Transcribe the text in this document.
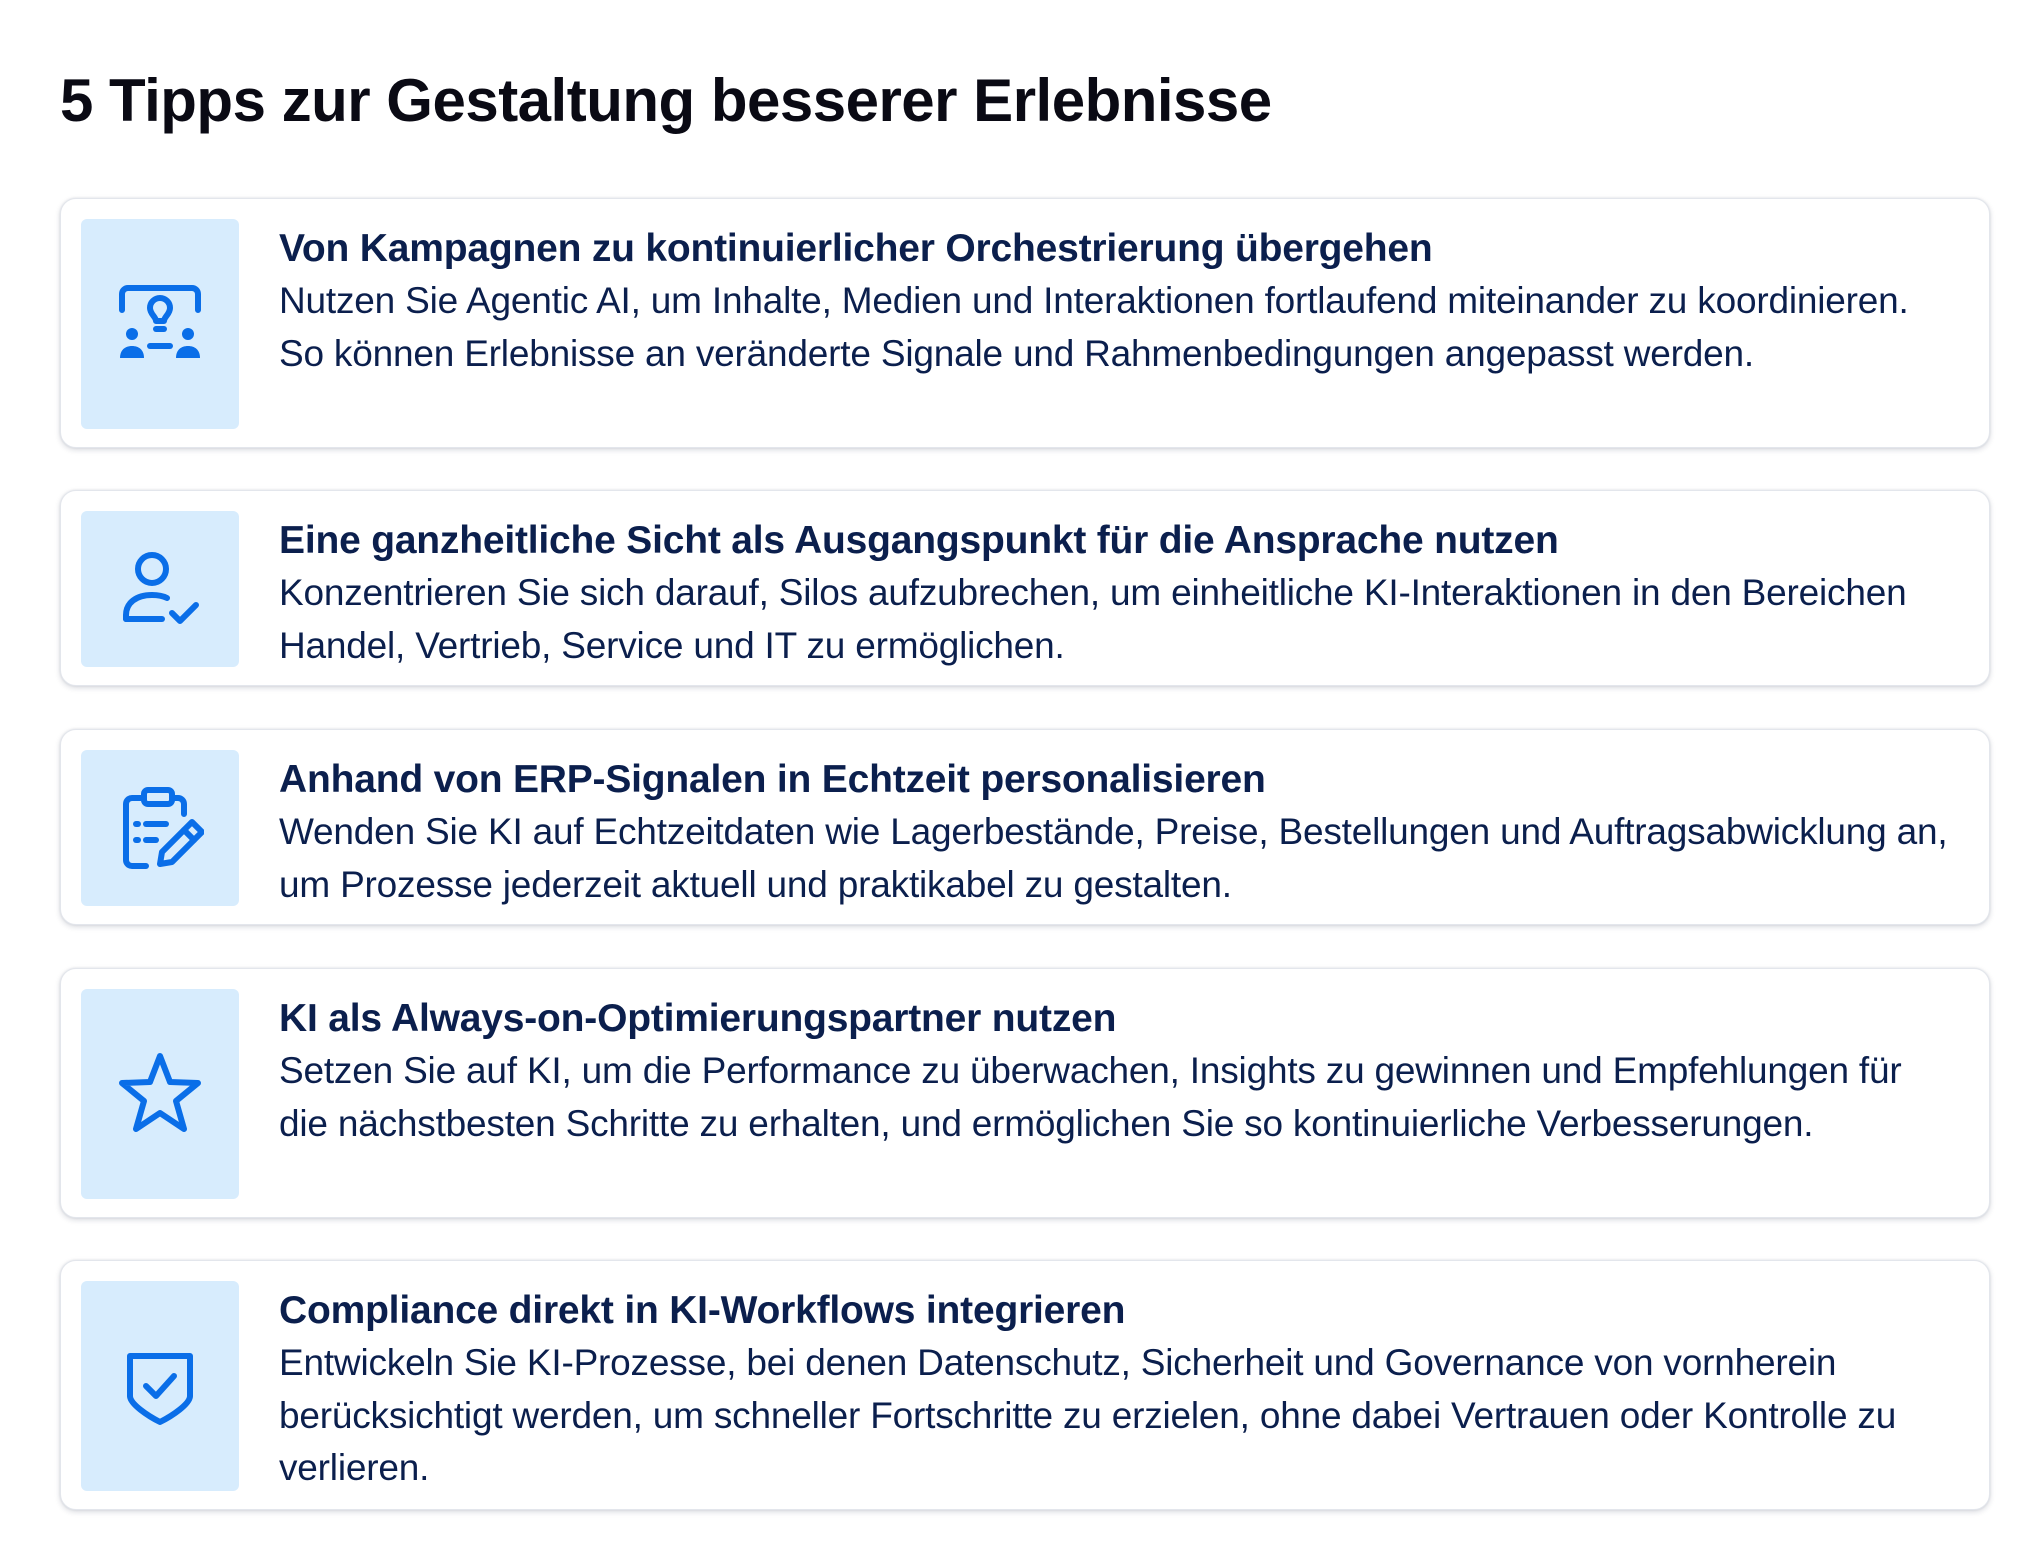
5 Tipps zur Gestaltung besserer Erlebnisse
Von Kampagnen zu kontinuierlicher Orchestrierung übergehen
Nutzen Sie Agentic AI, um Inhalte, Medien und Interaktionen fortlaufend miteinander zu koordinieren. So können Erlebnisse an veränderte Signale und Rahmenbedingungen angepasst werden.
Eine ganzheitliche Sicht als Ausgangspunkt für die Ansprache nutzen
Konzentrieren Sie sich darauf, Silos aufzubrechen, um einheitliche KI-Interaktionen in den Bereichen Handel, Vertrieb, Service und IT zu ermöglichen.
Anhand von ERP-Signalen in Echtzeit personalisieren
Wenden Sie KI auf Echtzeitdaten wie Lagerbestände, Preise, Bestellungen und Auftragsabwicklung an, um Prozesse jederzeit aktuell und praktikabel zu gestalten.
KI als Always-on-Optimierungspartner nutzen
Setzen Sie auf KI, um die Performance zu überwachen, Insights zu gewinnen und Empfehlungen für die nächstbesten Schritte zu erhalten, und ermöglichen Sie so kontinuierliche Verbesserungen.
Compliance direkt in KI-Workflows integrieren
Entwickeln Sie KI-Prozesse, bei denen Datenschutz, Sicherheit und Governance von vornherein berücksichtigt werden, um schneller Fortschritte zu erzielen, ohne dabei Vertrauen oder Kontrolle zu verlieren.
